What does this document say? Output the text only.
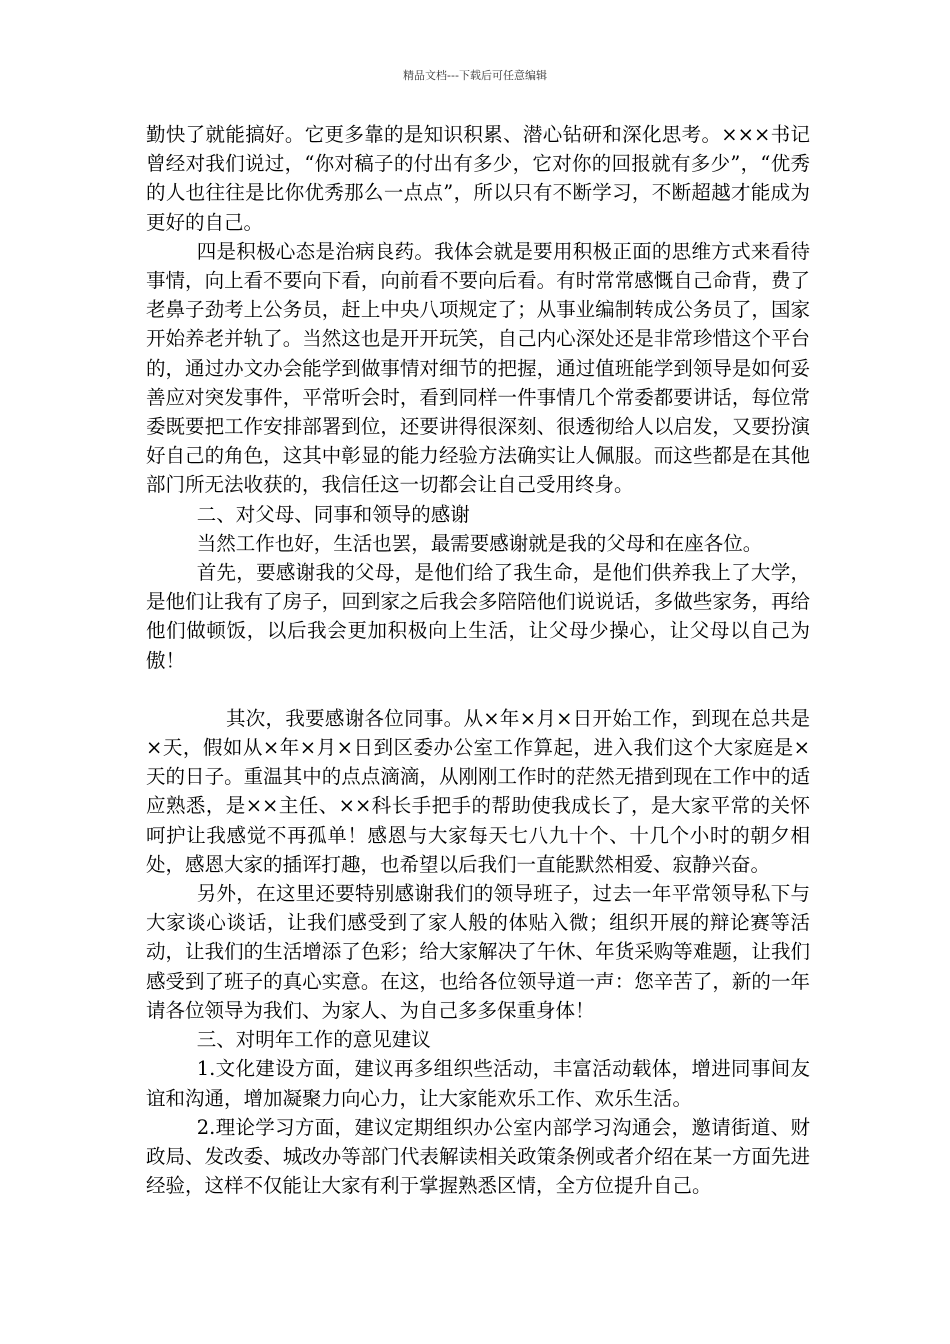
精品文档---下载后可任意编辑

勤快了就能搞好。它更多靠的是知识积累、潜心钻研和深化思考。×××书记曾经对我们说过，“你对稿子的付出有多少，它对你的回报就有多少”，“优秀的人也往往是比你优秀那么一点点”，所以只有不断学习，不断超越才能成为更好的自己。

四是积极心态是治病良药。我体会就是要用积极正面的思维方式来看待事情，向上看不要向下看，向前看不要向后看。有时常常感慨自己命背，费了老鼻子劲考上公务员，赶上中央八项规定了；从事业编制转成公务员了，国家开始养老并轨了。当然这也是开开玩笑，自己内心深处还是非常珍惜这个平台的，通过办文办会能学到做事情对细节的把握，通过值班能学到领导是如何妥善应对突发事件，平常听会时，看到同样一件事情几个常委都要讲话，每位常委既要把工作安排部署到位，还要讲得很深刻、很透彻给人以启发，又要扮演好自己的角色，这其中彰显的能力经验方法确实让人佩服。而这些都是在其他部门所无法收获的，我信任这一切都会让自己受用终身。

二、对父母、同事和领导的感谢

当然工作也好，生活也罢，最需要感谢就是我的父母和在座各位。

首先，要感谢我的父母，是他们给了我生命，是他们供养我上了大学，是他们让我有了房子，回到家之后我会多陪陪他们说说话，多做些家务，再给他们做顿饭，以后我会更加积极向上生活，让父母少操心，让父母以自己为傲！

其次，我要感谢各位同事。从×年×月×日开始工作，到现在总共是×天，假如从×年×月×日到区委办公室工作算起，进入我们这个大家庭是×天的日子。重温其中的点点滴滴，从刚刚工作时的茫然无措到现在工作中的适应熟悉，是××主任、××科长手把手的帮助使我成长了，是大家平常的关怀呵护让我感觉不再孤单！感恩与大家每天七八九十个、十几个小时的朝夕相处，感恩大家的插诨打趣，也希望以后我们一直能默然相爱、寂静兴奋。

另外，在这里还要特别感谢我们的领导班子，过去一年平常领导私下与大家谈心谈话，让我们感受到了家人般的体贴入微；组织开展的辩论赛等活动，让我们的生活增添了色彩；给大家解决了午休、年货采购等难题，让我们感受到了班子的真心实意。在这，也给各位领导道一声：您辛苦了，新的一年请各位领导为我们、为家人、为自己多多保重身体！

三、对明年工作的意见建议

1.文化建设方面，建议再多组织些活动，丰富活动载体，增进同事间友谊和沟通，增加凝聚力向心力，让大家能欢乐工作、欢乐生活。

2.理论学习方面，建议定期组织办公室内部学习沟通会，邀请街道、财政局、发改委、城改办等部门代表解读相关政策条例或者介绍在某一方面先进经验，这样不仅能让大家有利于掌握熟悉区情，全方位提升自己。
